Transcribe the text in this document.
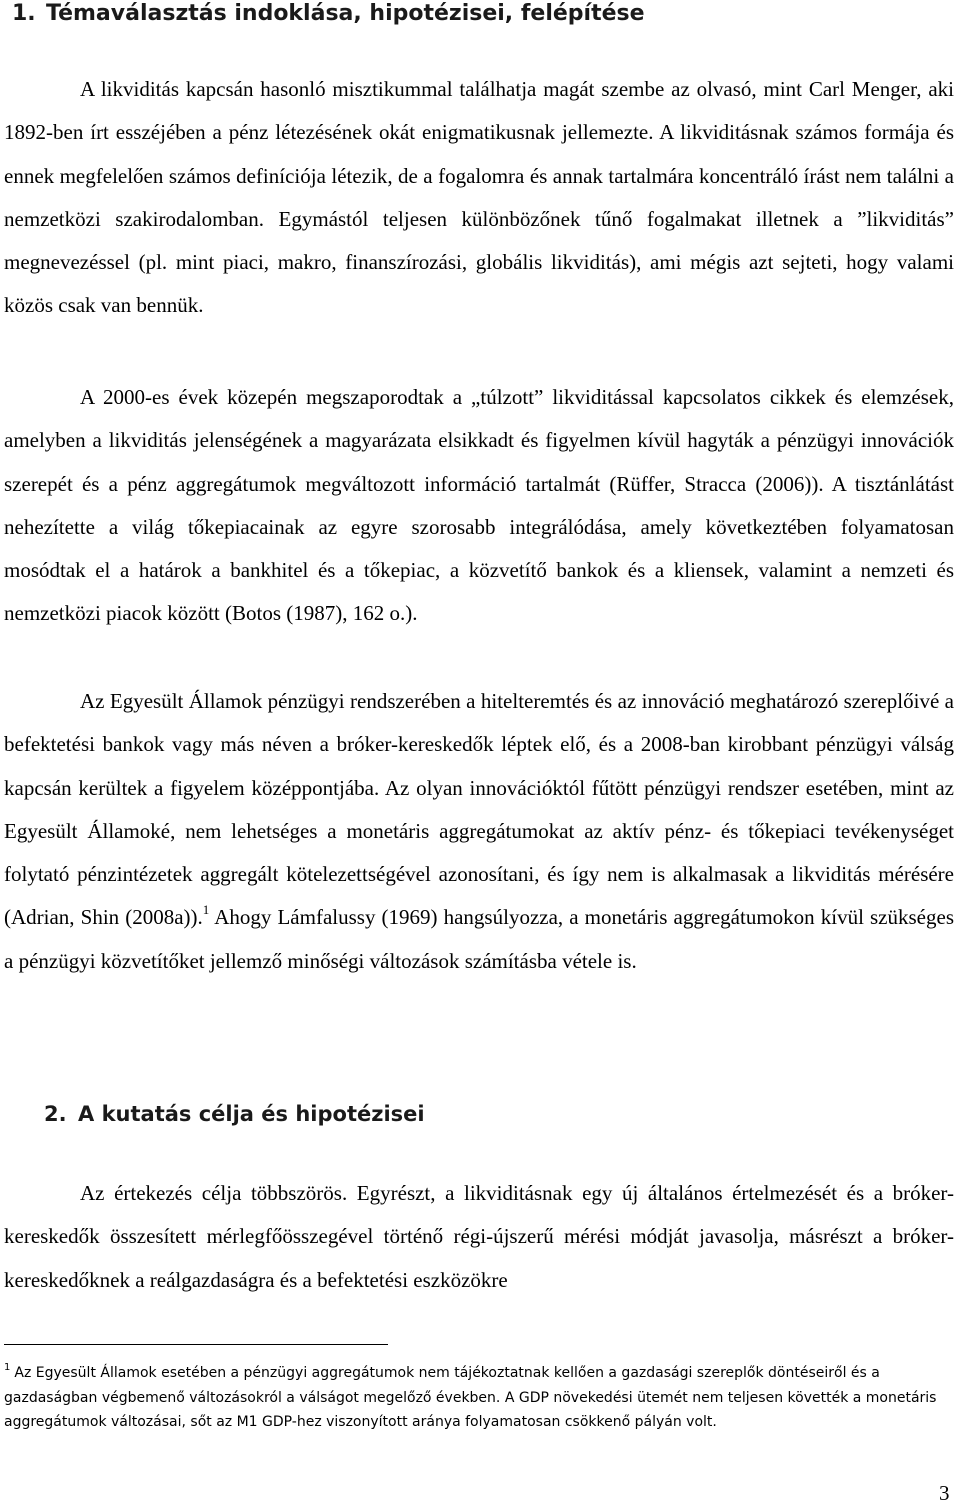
1. Témaválasztás indoklása, hipotézisei, felépítése
A likviditás kapcsán hasonló misztikummal találhatja magát szembe az olvasó, mint Carl Menger, aki 1892-ben írt esszéjében a pénz létezésének okát enigmatikusnak jellemezte. A likviditásnak számos formája és ennek megfelelően számos definíciója létezik, de a fogalomra és annak tartalmára koncentráló írást nem találni a nemzetközi szakirodalomban. Egymástól teljesen különbözőnek tűnő fogalmakat illetnek a ”likviditás” megnevezéssel (pl. mint piaci, makro, finanszírozási, globális likviditás), ami mégis azt sejteti, hogy valami közös csak van bennük.
A 2000-es évek közepén megszaporodtak a „túlzott” likviditással kapcsolatos cikkek és elemzések, amelyben a likviditás jelenségének a magyarázata elsikkadt és figyelmen kívül hagyták a pénzügyi innovációk szerepét és a pénz aggregátumok megváltozott információ tartalmát (Rüffer, Stracca (2006)). A tisztánlátást nehezítette a világ tőkepiacainak az egyre szorosabb integrálódása, amely következtében folyamatosan mosódtak el a határok a bankhitel és a tőkepiac, a közvetítő bankok és a kliensek, valamint a nemzeti és nemzetközi piacok között (Botos (1987), 162 o.).
Az Egyesült Államok pénzügyi rendszerében a hitelteremtés és az innováció meghatározó szereplőivé a befektetési bankok vagy más néven a bróker-kereskedők léptek elő, és a 2008-ban kirobbant pénzügyi válság kapcsán kerültek a figyelem középpontjába. Az olyan innovációktól fűtött pénzügyi rendszer esetében, mint az Egyesült Államoké, nem lehetséges a monetáris aggregátumokat az aktív pénz- és tőkepiaci tevékenységet folytató pénzintézetek aggregált kötelezettségével azonosítani, és így nem is alkalmasak a likviditás mérésére (Adrian, Shin (2008a)).$^1$ Ahogy Lámfalussy (1969) hangsúlyozza, a monetáris aggregátumokon kívül szükséges a pénzügyi közvetítőket jellemző minőségi változások számításba vétele is.
2. A kutatás célja és hipotézisei
Az értekezés célja többszörös. Egyrészt, a likviditásnak egy új általános értelmezését és a bróker-kereskedők összesített mérlegfőösszegével történő régi-újszerű mérési módját javasolja, másrészt a bróker-kereskedőknek a reálgazdaságra és a befektetési eszközökre
$^1$ Az Egyesült Államok esetében a pénzügyi aggregátumok nem tájékoztatnak kellően a gazdasági szereplők döntéseiről és a gazdaságban végbemenő változásokról a válságot megelőző években. A GDP növekedési ütemét nem teljesen követték a monetáris aggregátumok változásai, sőt az M1 GDP-hez viszonyított aránya folyamatosan csökkenő pályán volt.
3
